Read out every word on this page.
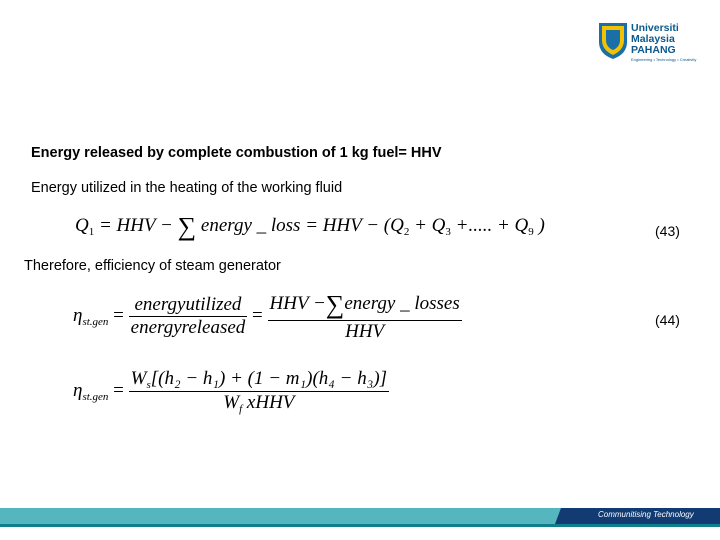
Universiti
Malaysia
PAHANG
Engineering • Technology • Creativity
Energy released by complete combustion of 1 kg fuel= HHV
Energy utilized in the heating of the working fluid
$Q_1$ = HHV − ∑ energy _ loss = HHV − ($Q_2 + Q_3$ +..... + $Q_9$ )	(43)
Therefore, efficiency of steam generator
$\eta_{st.gen} = \frac{\text{energyutilized}}{\text{energyreleased}} = \frac{\text{HHV −∑energy \_ losses}}{\text{HHV}}$	(44)
$\eta_{st.gen} = \frac{W_s[(h_2 - h_1) + (1 - m_1)(h_4 - h_3)]}{W_f xHHV}$
Communitising Technology
